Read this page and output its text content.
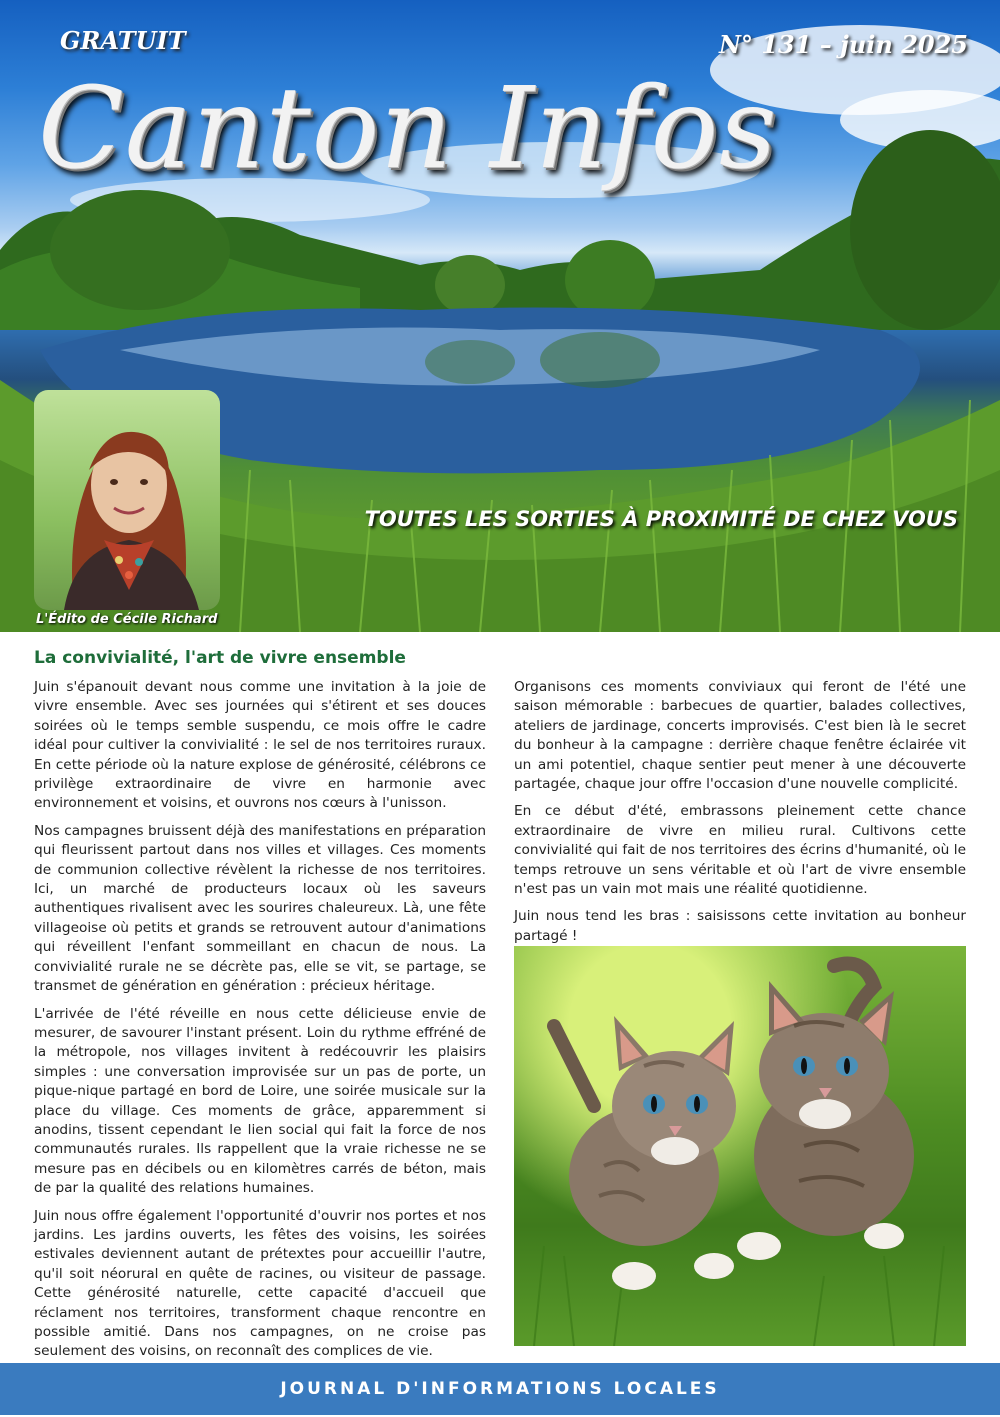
GRATUIT	N° 131 – juin 2025
Canton Infos
TOUTES LES SORTIES À PROXIMITÉ DE CHEZ VOUS
L'Édito de Cécile Richard
La convivialité, l'art de vivre ensemble

Juin s'épanouit devant nous comme une invitation à la joie de vivre ensemble. Avec ses journées qui s'étirent et ses douces soirées où le temps semble suspendu, ce mois offre le cadre idéal pour cultiver la convivialité : le sel de nos territoires ruraux. En cette période où la nature explose de générosité, célébrons ce privilège extraordinaire de vivre en harmonie avec environnement et voisins, et ouvrons nos cœurs à l'unisson.

Nos campagnes bruissent déjà des manifestations en préparation qui fleurissent partout dans nos villes et villages. Ces moments de communion collective révèlent la richesse de nos territoires. Ici, un marché de producteurs locaux où les saveurs authentiques rivalisent avec les sourires chaleureux. Là, une fête villageoise où petits et grands se retrouvent autour d'animations qui réveillent l'enfant sommeillant en chacun de nous. La convivialité rurale ne se décrète pas, elle se vit, se partage, se transmet de génération en génération : précieux héritage.

L'arrivée de l'été réveille en nous cette délicieuse envie de mesurer, de savourer l'instant présent. Loin du rythme effréné de la métropole, nos villages invitent à redécouvrir les plaisirs simples : une conversation improvisée sur un pas de porte, un pique-nique partagé en bord de Loire, une soirée musicale sur la place du village. Ces moments de grâce, apparemment si anodins, tissent cependant le lien social qui fait la force de nos communautés rurales. Ils rappellent que la vraie richesse ne se mesure pas en décibels ou en kilomètres carrés de béton, mais de par la qualité des relations humaines.

Juin nous offre également l'opportunité d'ouvrir nos portes et nos jardins. Les jardins ouverts, les fêtes des voisins, les soirées estivales deviennent autant de prétextes pour accueillir l'autre, qu'il soit néorural en quête de racines, ou visiteur de passage. Cette générosité naturelle, cette capacité d'accueil que réclament nos territoires, transforment chaque rencontre en possible amitié. Dans nos campagnes, on ne croise pas seulement des voisins, on reconnaît des complices de vie.

Organisons ces moments conviviaux qui feront de l'été une saison mémorable : barbecues de quartier, balades collectives, ateliers de jardinage, concerts improvisés. C'est bien là le secret du bonheur à la campagne : derrière chaque fenêtre éclairée vit un ami potentiel, chaque sentier peut mener à une découverte partagée, chaque jour offre l'occasion d'une nouvelle complicité.

En ce début d'été, embrassons pleinement cette chance extraordinaire de vivre en milieu rural. Cultivons cette convivialité qui fait de nos territoires des écrins d'humanité, où le temps retrouve un sens véritable et où l'art de vivre ensemble n'est pas un vain mot mais une réalité quotidienne.

Juin nous tend les bras : saisissons cette invitation au bonheur partagé !

JOURNAL D'INFORMATIONS LOCALES
